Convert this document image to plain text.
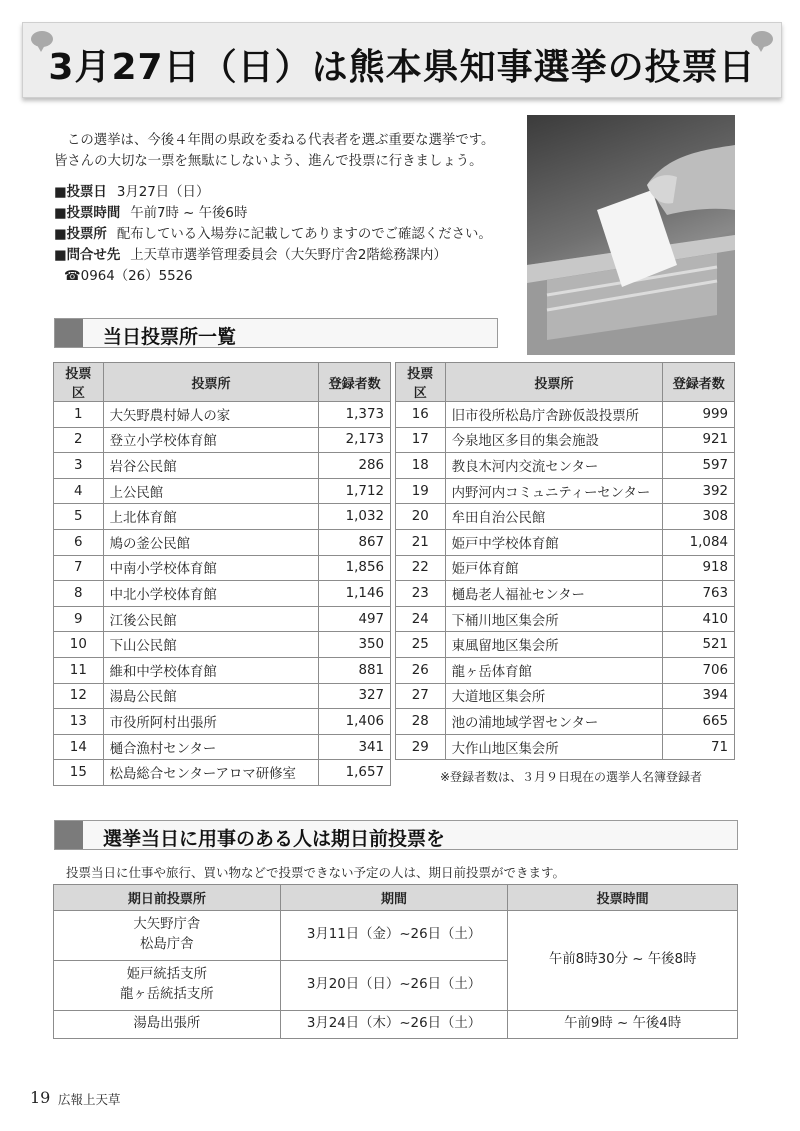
3月27日（日）は熊本県知事選挙の投票日

この選挙は、今後４年間の県政を委ねる代表者を選ぶ重要な選挙です。

皆さんの大切な一票を無駄にしないよう、進んで投票に行きましょう。

■投票日 3月27日（日）
■投票時間 午前7時 ~ 午後6時
■投票所 配布している入場券に記載してありますのでご確認ください。
■問合せ先 上天草市選挙管理委員会（大矢野庁舎2階総務課内）
☎0964（26）5526
当日投票所一覧
投票区	投票所	登録者数
1	大矢野農村婦人の家	1,373
2	登立小学校体育館	2,173
3	岩谷公民館	286
4	上公民館	1,712
5	上北体育館	1,032
6	鳩の釜公民館	867
7	中南小学校体育館	1,856
8	中北小学校体育館	1,146
9	江後公民館	497
10	下山公民館	350
11	維和中学校体育館	881
12	湯島公民館	327
13	市役所阿村出張所	1,406
14	樋合漁村センター	341
15	松島総合センターアロマ研修室	1,657
投票区	投票所	登録者数
16	旧市役所松島庁舎跡仮設投票所	999
17	今泉地区多目的集会施設	921
18	教良木河内交流センター	597
19	内野河内コミュニティーセンター	392
20	牟田自治公民館	308
21	姫戸中学校体育館	1,084
22	姫戸体育館	918
23	樋島老人福祉センター	763
24	下桶川地区集会所	410
25	東風留地区集会所	521
26	龍ヶ岳体育館	706
27	大道地区集会所	394
28	池の浦地域学習センター	665
29	大作山地区集会所	71
※登録者数は、３月９日現在の選挙人名簿登録者
選挙当日に用事のある人は期日前投票を
投票当日に仕事や旅行、買い物などで投票できない予定の人は、期日前投票ができます。
期日前投票所	期間	投票時間

大矢野庁舎
松島庁舎	3月11日（金）~26日（土）	午前8時30分 ~ 午後8時

姫戸統括支所
龍ヶ岳統括支所	3月20日（日）~26日（土）	
湯島出張所	3月24日（木）~26日（土）	午前9時 ~ 午後4時
19 広報上天草
